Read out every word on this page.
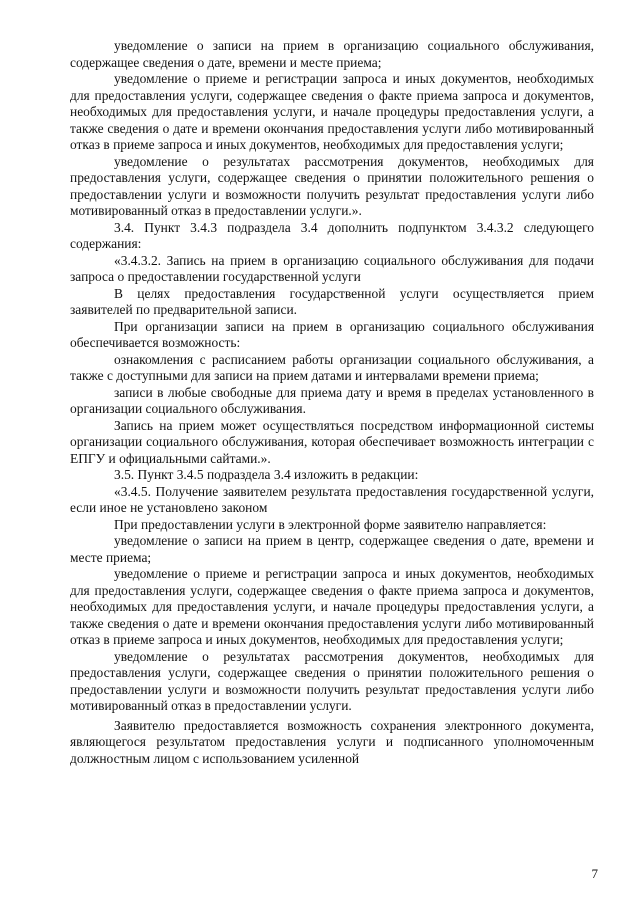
уведомление о записи на прием в организацию социального обслуживания, содержащее сведения о дате, времени и месте приема;

уведомление о приеме и регистрации запроса и иных документов, необходимых для предоставления услуги, содержащее сведения о факте приема запроса и документов, необходимых для предоставления услуги, и начале процедуры предоставления услуги, а также сведения о дате и времени окончания предоставления услуги либо мотивированный отказ в приеме запроса и иных документов, необходимых для предоставления услуги;

уведомление о результатах рассмотрения документов, необходимых для предоставления услуги, содержащее сведения о принятии положительного решения о предоставлении услуги и возможности получить результат предоставления услуги либо мотивированный отказ в предоставлении услуги.».

3.4. Пункт 3.4.3 подраздела 3.4 дополнить подпунктом 3.4.3.2 следующего содержания:

«3.4.3.2. Запись на прием в организацию социального обслуживания для подачи запроса о предоставлении государственной услуги

В целях предоставления государственной услуги осуществляется прием заявителей по предварительной записи.

При организации записи на прием в организацию социального обслуживания обеспечивается возможность:

ознакомления с расписанием работы организации социального обслуживания, а также с доступными для записи на прием датами и интервалами времени приема;

записи в любые свободные для приема дату и время в пределах установленного в организации социального обслуживания.

Запись на прием может осуществляться посредством информационной системы организации социального обслуживания, которая обеспечивает возможность интеграции с ЕПГУ и официальными сайтами.».

3.5. Пункт 3.4.5 подраздела 3.4 изложить в редакции:

«3.4.5. Получение заявителем результата предоставления государственной услуги, если иное не установлено законом

При предоставлении услуги в электронной форме заявителю направляется:

уведомление о записи на прием в центр, содержащее сведения о дате, времени и месте приема;

уведомление о приеме и регистрации запроса и иных документов, необходимых для предоставления услуги, содержащее сведения о факте приема запроса и документов, необходимых для предоставления услуги, и начале процедуры предоставления услуги, а также сведения о дате и времени окончания предоставления услуги либо мотивированный отказ в приеме запроса и иных документов, необходимых для предоставления услуги;

уведомление о результатах рассмотрения документов, необходимых для предоставления услуги, содержащее сведения о принятии положительного решения о предоставлении услуги и возможности получить результат предоставления услуги либо мотивированный отказ в предоставлении услуги.

Заявителю предоставляется возможность сохранения электронного документа, являющегося результатом предоставления услуги и подписанного уполномоченным должностным лицом с использованием усиленной

7
